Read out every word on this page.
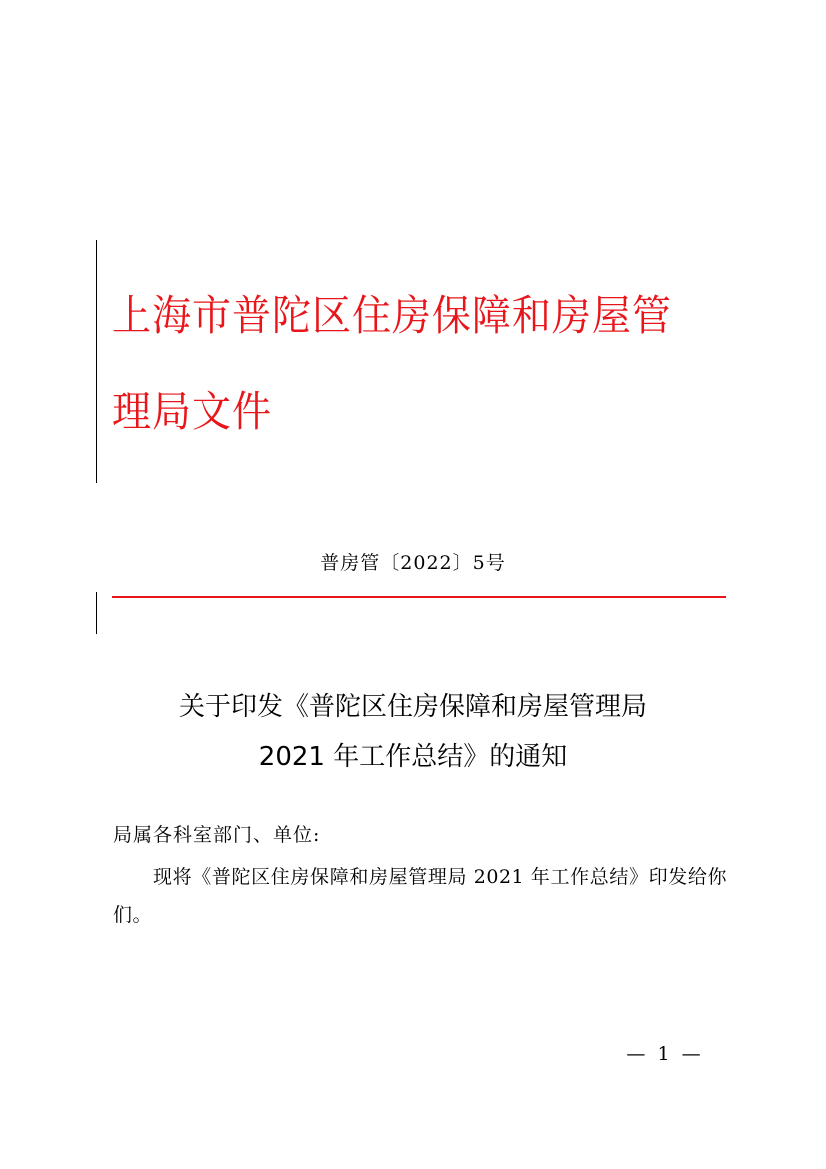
上海市普陀区住房保障和房屋管理局文件
普房管〔2022〕5号
关于印发《普陀区住房保障和房屋管理局
2021 年工作总结》的通知
局属各科室部门、单位:

现将《普陀区住房保障和房屋管理局 2021 年工作总结》印发给你们。

— 1 —
